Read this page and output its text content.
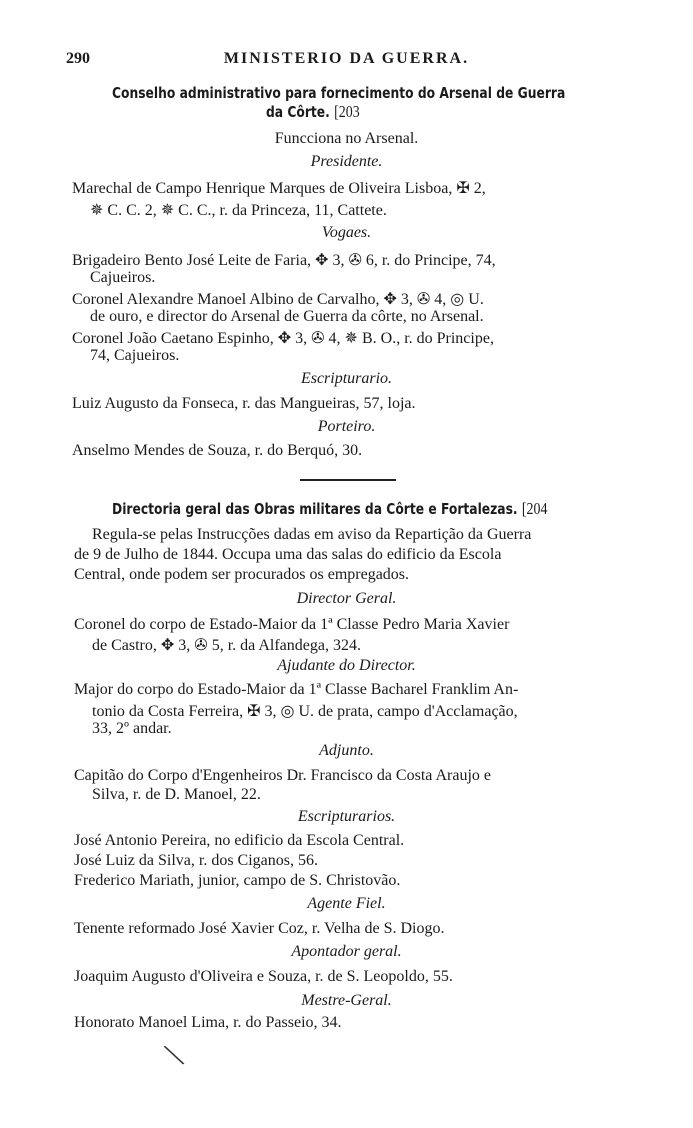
290	MINISTERIO DA GUERRA.
Conselho administrativo para fornecimento do Arsenal de Guerra
da Côrte. [203
Funcciona no Arsenal.
Presidente.
Marechal de Campo Henrique Marques de Oliveira Lisboa, ✠ 2,
✵ C. C. 2, ✵ C. C., r. da Princeza, 11, Cattete.
Vogaes.
Brigadeiro Bento José Leite de Faria, ✥ 3, ✇ 6, r. do Principe, 74,
Cajueiros.
Coronel Alexandre Manoel Albino de Carvalho, ✥ 3, ✇ 4, ◎ U.
de ouro, e director do Arsenal de Guerra da côrte, no Arsenal.
Coronel João Caetano Espinho, ✥ 3, ✇ 4, ✵ B. O., r. do Principe,
74, Cajueiros.
Escripturario.
Luiz Augusto da Fonseca, r. das Mangueiras, 57, loja.
Porteiro.
Anselmo Mendes de Souza, r. do Berquó, 30.
Directoria geral das Obras militares da Côrte e Fortalezas. [204
Regula-se pelas Instrucções dadas em aviso da Repartição da Guerra
de 9 de Julho de 1844. Occupa uma das salas do edificio da Escola
Central, onde podem ser procurados os empregados.
Director Geral.
Coronel do corpo de Estado-Maior da 1ª Classe Pedro Maria Xavier
de Castro, ✥ 3, ✇ 5, r. da Alfandega, 324.
Ajudante do Director.
Major do corpo do Estado-Maior da 1ª Classe Bacharel Franklim An-
tonio da Costa Ferreira, ✠ 3, ◎ U. de prata, campo d'Acclamação,
33, 2º andar.
Adjunto.
Capitão do Corpo d'Engenheiros Dr. Francisco da Costa Araujo e
Silva, r. de D. Manoel, 22.
Escripturarios.
José Antonio Pereira, no edificio da Escola Central.
José Luiz da Silva, r. dos Ciganos, 56.
Frederico Mariath, junior, campo de S. Christovão.
Agente Fiel.
Tenente reformado José Xavier Coz, r. Velha de S. Diogo.
Apontador geral.
Joaquim Augusto d'Oliveira e Souza, r. de S. Leopoldo, 55.
Mestre-Geral.
Honorato Manoel Lima, r. do Passeio, 34.
╲
